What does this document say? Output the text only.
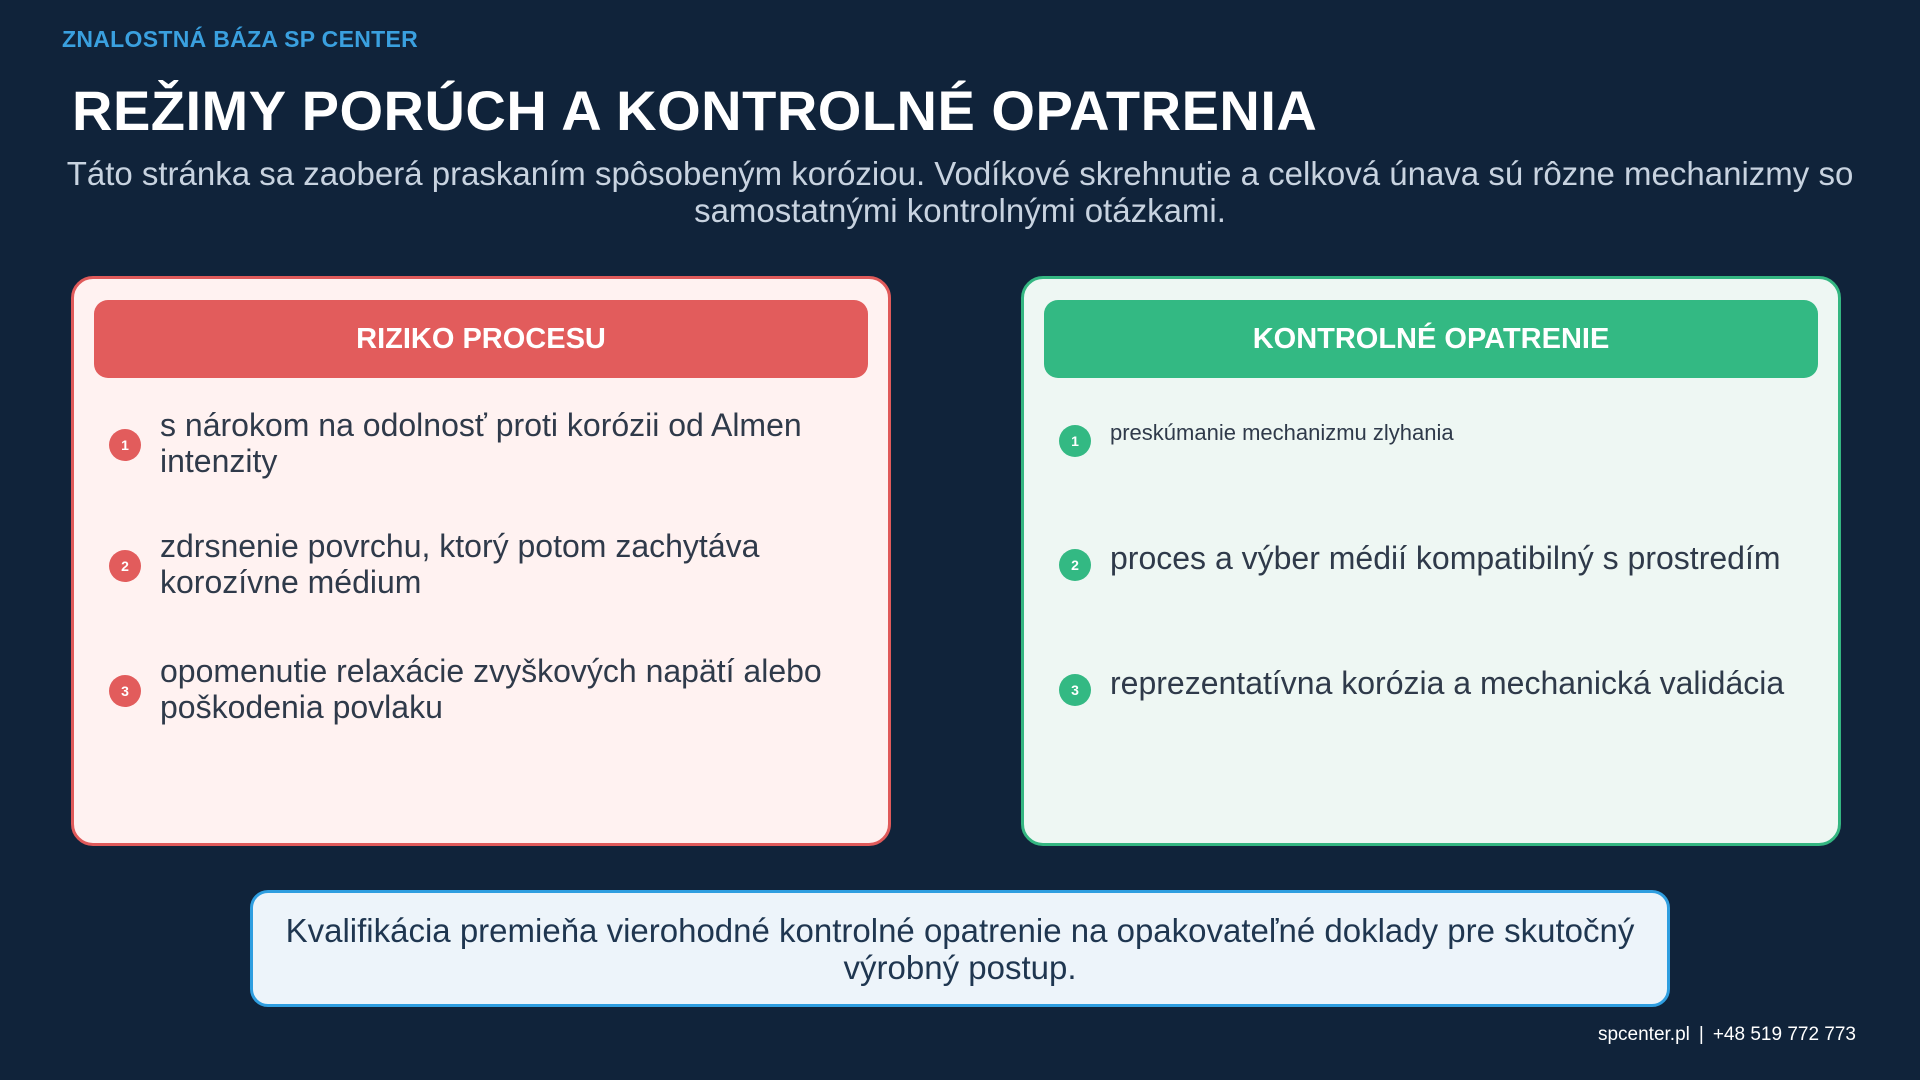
ZNALOSTNÁ BÁZA SP CENTER
REŽIMY PORÚCH A KONTROLNÉ OPATRENIA
Táto stránka sa zaoberá praskaním spôsobeným koróziou. Vodíkové skrehnutie a celková únava sú rôzne mechanizmy so samostatnými kontrolnými otázkami.
RIZIKO PROCESU
1
s nárokom na odolnosť proti korózii od Almen intenzity
2
zdrsnenie povrchu, ktorý potom zachytáva korozívne médium
3
opomenutie relaxácie zvyškových napätí alebo poškodenia povlaku
KONTROLNÉ OPATRENIE
1	preskúmanie mechanizmu zlyhania
2 proces a výber médií kompatibilný s prostredím
3 reprezentatívna korózia a mechanická validácia
Kvalifikácia premieňa vierohodné kontrolné opatrenie na opakovateľné doklady pre skutočný výrobný postup.
spcenter.pl | +48 519 772 773
